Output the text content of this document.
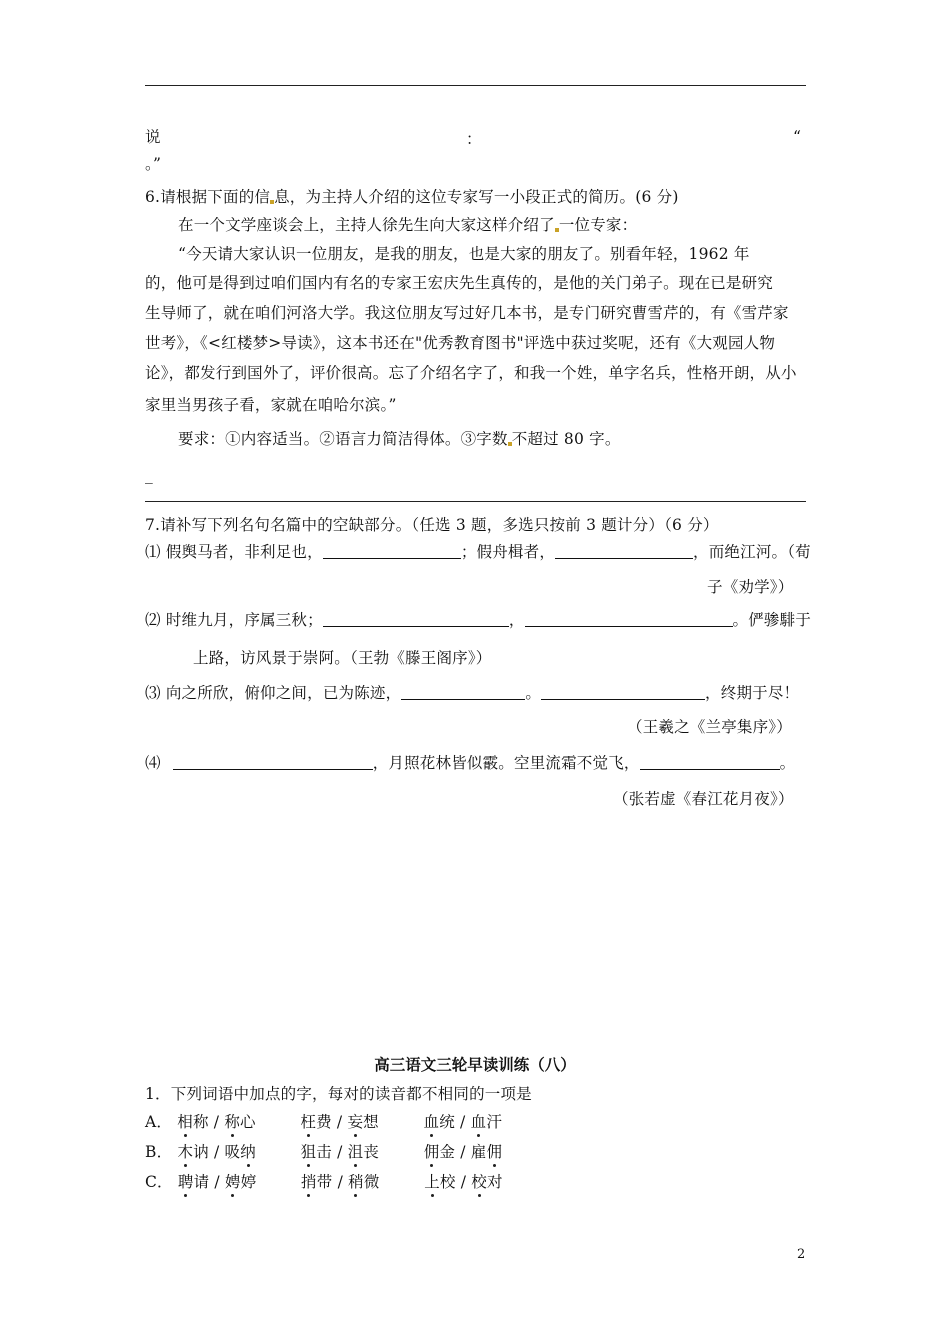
说	：	“
。”
6.请根据下面的信 息，为主持人介绍的这位专家写一小段正式的简历。(6 分)
在一个文学座谈会上，主持人徐先生向大家这样介绍了 一位专家：
“今天请大家认识一位朋友，是我的朋友，也是大家的朋友了。别看年轻，1962 年
的，他可是得到过咱们国内有名的专家王宏庆先生真传的，是他的关门弟子。现在已是研究
生导师了，就在咱们河洛大学。我这位朋友写过好几本书，是专门研究曹雪芹的，有《雪芹家
世考》，《<红楼梦>导读》，这本书还在"优秀教育图书"评选中获过奖呢，还有《大观园人物
论》，都发行到国外了，评价很高。忘了介绍名字了，和我一个姓，单字名兵，性格开朗，从小
家里当男孩子看，家就在咱哈尔滨。”
要求：①内容适当。②语言力简洁得体。③字数 不超过 80 字。
_
7.请补写下列名句名篇中的空缺部分。（任选 3 题，多选只按前 3 题计分）（6 分）
⑴ 假舆马者，非利足也，	；假舟楫者，	，而绝江河。（荀
子《劝学》）
⑵ 时维九月，序属三秋；	，	。俨骖騑于
上路，访风景于崇阿。（王勃《滕王阁序》）
⑶ 向之所欣，俯仰之间，已为陈迹，	。	，终期于尽！
（王羲之《兰亭集序》）
⑷	，月照花林皆似霰。空里流霜不觉飞，	。
（张若虚《春江花月夜》）
高三语文三轮早读训练（八）
1．下列词语中加点的字，每对的读音都不相同的一项是
A． 相称 / 称心	枉费 / 妄想	血统 / 血汗
B． 木讷 / 吸纳	狙击 / 沮丧	佣金 / 雇佣
C． 聘请 / 娉婷	捎带 / 稍微	上校 / 校对
2
